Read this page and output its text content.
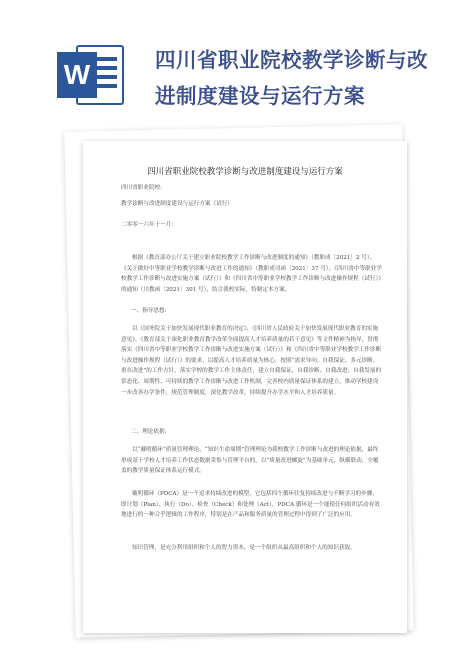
W	四川省职业院校教学诊断与改
进制度建设与运行方案
四川省职业院校教学诊断与改进制度建设与运行方案
四川省职业院校:
教学诊断与改进制度建设与运行方案（试行）
二零零一六年十一月:
根据《教育部办公厅关于建立职业院校教学工作诊断与改进制度的通知》（教职成〔2021〕2 号）、《关于做好中等职业学校教学诊断与改进工作的通知》（教职成司函〔2021〕37 号）、《四川省中等职业学校教学工作诊断与改进实施方案（试行）》和《四川省中等职业学校教学工作诊断与改进操作规程（试行）》的通知（川教函〔2021〕301 号），结合我校实际，特制定本方案。
一、指导思想:
以《国务院关于加快发展现代职业教育的决定》、《四川省人民政府关于加快发展现代职业教育的实施意见》、《教育部关于深化职业教育教学改革全面提高人才培养质量的若干意见》等文件精神为指导，贯彻落实《四川省中等职业学校教学工作诊断与改进实施方案（试行）》和《四川省中等职业学校教学工作诊断与改进操作规程（试行）》的要求，以提高人才培养质量为核心，按照“需求导向、自我保证、多元诊断、重在改进”的工作方针，落实学校的教学工作主体责任，建立自我保证、自我诊断、自我改进、自我发展的常态化、周期性、可持续的教学工作诊断与改进工作机制，完善校内质量保证体系的建立，推动学校建设一步改善办学条件，规范管理制度，深化教学改革，持续提升办学水平和人才培养质量。
二、理论依据:
以“戴明循环”质量管理理论、“知识生命周期”管理理论为我校教学工作诊断与改进的理论依据，最终形成基于学校人才培养工作状态数据采集与管理平台的，以“质量改进螺旋”为基础单元，纵横联动，全覆盖的教学质量保证体系运行模式。
戴明循环（PDCA）是一个追求持续改进的模型，它包括四个循环往复持续改进与不断学习的步骤，即计划（Plan）、执行（Do）、检查（Check）和处理（Act）。PDCA 循环是一个能使任何组织活动有效地进行的一种合乎逻辑的工作程序，特别是在产品和服务质量的管理过程中得到了广泛的应用。
知识管理，是充分利用组织和个人的智力资本，是一个组织从最高组织和个人的知识获取。
